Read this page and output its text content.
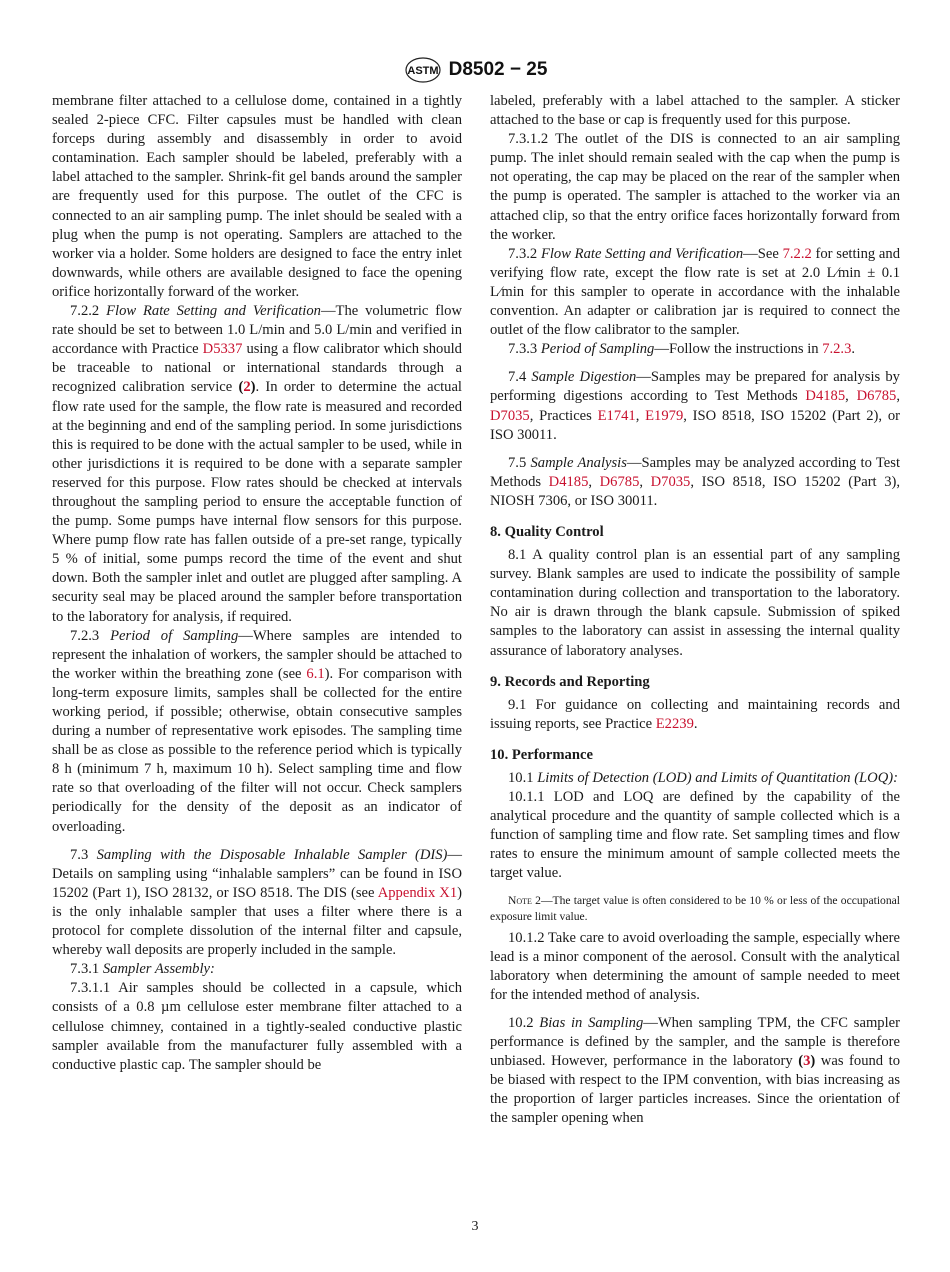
ASTM D8502 − 25

membrane filter attached to a cellulose dome, contained in a tightly sealed 2-piece CFC. Filter capsules must be handled with clean forceps during assembly and disassembly in order to avoid contamination. Each sampler should be labeled, preferably with a label attached to the sampler. Shrink-fit gel bands around the sampler are frequently used for this purpose. The outlet of the CFC is connected to an air sampling pump. The inlet should be sealed with a plug when the pump is not operating. Samplers are attached to the worker via a holder. Some holders are designed to face the entry inlet downwards, while others are available designed to face the opening orifice horizontally forward of the worker.

7.2.2 Flow Rate Setting and Verification—The volumetric flow rate should be set to between 1.0 L/min and 5.0 L/min and verified in accordance with Practice D5337 using a flow calibrator which should be traceable to national or international standards through a recognized calibration service (2). In order to determine the actual flow rate used for the sample, the flow rate is measured and recorded at the beginning and end of the sampling period. In some jurisdictions this is required to be done with the actual sampler to be used, while in other jurisdictions it is required to be done with a separate sampler reserved for this purpose. Flow rates should be checked at intervals throughout the sampling period to ensure the acceptable function of the pump. Some pumps have internal flow sensors for this purpose. Where pump flow rate has fallen outside of a pre-set range, typically 5 % of initial, some pumps record the time of the event and shut down. Both the sampler inlet and outlet are plugged after sampling. A security seal may be placed around the sampler before transportation to the laboratory for analysis, if required.

7.2.3 Period of Sampling—Where samples are intended to represent the inhalation of workers, the sampler should be attached to the worker within the breathing zone (see 6.1). For comparison with long-term exposure limits, samples shall be collected for the entire working period, if possible; otherwise, obtain consecutive samples during a number of representative work episodes. The sampling time shall be as close as possible to the reference period which is typically 8 h (minimum 7 h, maximum 10 h). Select sampling time and flow rate so that overloading of the filter will not occur. Check samplers periodically for the density of the deposit as an indicator of overloading.

7.3 Sampling with the Disposable Inhalable Sampler (DIS)—Details on sampling using “inhalable samplers” can be found in ISO 15202 (Part 1), ISO 28132, or ISO 8518. The DIS (see Appendix X1) is the only inhalable sampler that uses a filter where there is a protocol for complete dissolution of the internal filter and capsule, whereby wall deposits are properly included in the sample.

7.3.1 Sampler Assembly:

7.3.1.1 Air samples should be collected in a capsule, which consists of a 0.8 µm cellulose ester membrane filter attached to a cellulose chimney, contained in a tightly-sealed conductive plastic sampler available from the manufacturer fully assembled with a conductive plastic cap. The sampler should be

labeled, preferably with a label attached to the sampler. A sticker attached to the base or cap is frequently used for this purpose.

7.3.1.2 The outlet of the DIS is connected to an air sampling pump. The inlet should remain sealed with the cap when the pump is not operating, the cap may be placed on the rear of the sampler when the pump is operated. The sampler is attached to the worker via an attached clip, so that the entry orifice faces horizontally forward from the worker.

7.3.2 Flow Rate Setting and Verification—See 7.2.2 for setting and verifying flow rate, except the flow rate is set at 2.0 L⁄min ± 0.1 L⁄min for this sampler to operate in accordance with the inhalable convention. An adapter or calibration jar is required to connect the outlet of the flow calibrator to the sampler.

7.3.3 Period of Sampling—Follow the instructions in 7.2.3.

7.4 Sample Digestion—Samples may be prepared for analysis by performing digestions according to Test Methods D4185, D6785, D7035, Practices E1741, E1979, ISO 8518, ISO 15202 (Part 2), or ISO 30011.

7.5 Sample Analysis—Samples may be analyzed according to Test Methods D4185, D6785, D7035, ISO 8518, ISO 15202 (Part 3), NIOSH 7306, or ISO 30011.

8. Quality Control

8.1 A quality control plan is an essential part of any sampling survey. Blank samples are used to indicate the possibility of sample contamination during collection and transportation to the laboratory. No air is drawn through the blank capsule. Submission of spiked samples to the laboratory can assist in assessing the internal quality assurance of laboratory analyses.

9. Records and Reporting

9.1 For guidance on collecting and maintaining records and issuing reports, see Practice E2239.

10. Performance

10.1 Limits of Detection (LOD) and Limits of Quantitation (LOQ):

10.1.1 LOD and LOQ are defined by the capability of the analytical procedure and the quantity of sample collected which is a function of sampling time and flow rate. Set sampling times and flow rates to ensure the minimum amount of sample collected meets the target value.

Note 2—The target value is often considered to be 10 % or less of the occupational exposure limit value.

10.1.2 Take care to avoid overloading the sample, especially where lead is a minor component of the aerosol. Consult with the analytical laboratory when determining the amount of sample needed to meet for the intended method of analysis.

10.2 Bias in Sampling—When sampling TPM, the CFC sampler performance is defined by the sampler, and the sample is therefore unbiased. However, performance in the laboratory (3) was found to be biased with respect to the IPM convention, with bias increasing as the proportion of larger particles increases. Since the orientation of the sampler opening when

3
